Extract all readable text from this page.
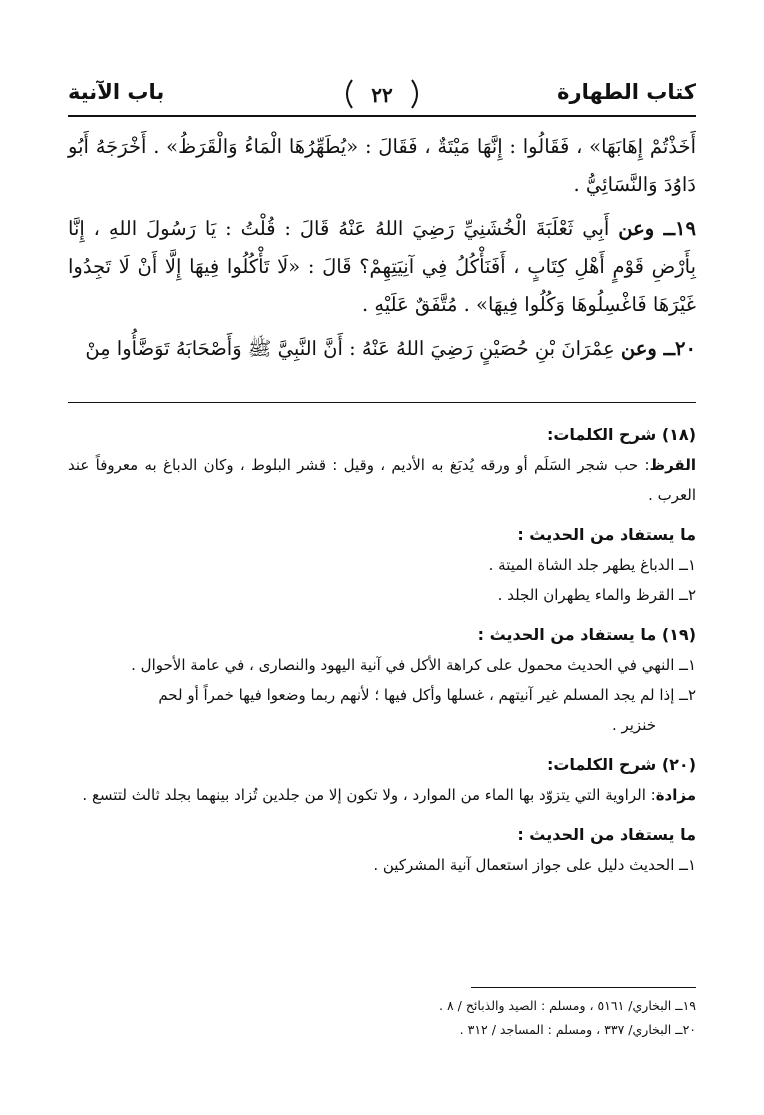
كتاب الطهارة
٢٢
باب الآنية

أَخَذْتُمْ إِهَابَهَا» ، فَقَالُوا : إِنَّهَا مَيْتَةٌ ، فَقَالَ : «يُطَهِّرُهَا الْمَاءُ وَالْقَرَظُ» . أَخْرَجَهُ أَبُو دَاوُدَ وَالنَّسَائِيُّ .

١٩ــ وعن أَبِي ثَعْلَبَةَ الْخُشَنِيِّ رَضِيَ اللهُ عَنْهُ قَالَ : قُلْتُ : يَا رَسُولَ اللهِ ، إِنَّا بِأَرْضِ قَوْمٍ أَهْلِ كِتَابٍ ، أَفَنَأْكُلُ فِي آنِيَتِهِمْ؟ قَالَ : «لَا تَأْكُلُوا فِيهَا إِلَّا أَنْ لَا تَجِدُوا غَيْرَهَا فَاغْسِلُوهَا وَكُلُوا فِيهَا» . مُتَّفَقٌ عَلَيْهِ .

٢٠ــ وعن عِمْرَانَ بْنِ حُصَيْنٍ رَضِيَ اللهُ عَنْهُ : أَنَّ النَّبِيَّ ﷺ وَأَصْحَابَهُ تَوَضَّأُوا مِنْ

(١٨) شرح الكلمات:

القرظ: حب شجر السَلَم أو ورقه يُدبَغ به الأديم ، وقيل : قشر البلوط ، وكان الدباغ به معروفاً عند العرب .

ما يستفاد من الحديث :

١ــ الدباغ يطهر جلد الشاة الميتة .

٢ــ القرظ والماء يطهران الجلد .

(١٩) ما يستفاد من الحديث :

١ــ النهي في الحديث محمول على كراهة الأكل في آنية اليهود والنصارى ، في عامة الأحوال .

٢ــ إذا لم يجد المسلم غير آنيتهم ، غسلها وأكل فيها ؛ لأنهم ربما وضعوا فيها خمراً أو لحم

خنزير .

(٢٠) شرح الكلمات:

مزادة: الراوية التي يتزوّد بها الماء من الموارد ، ولا تكون إلا من جلدين تُزاد بينهما بجلد ثالث لتتسع .

ما يستفاد من الحديث :

١ــ الحديث دليل على جواز استعمال آنية المشركين .

١٩ــ البخاري/ ٥١٦١ ، ومسلم : الصيد والذبائح / ٨ .

٢٠ــ البخاري/ ٣٣٧ ، ومسلم : المساجد / ٣١٢ .
